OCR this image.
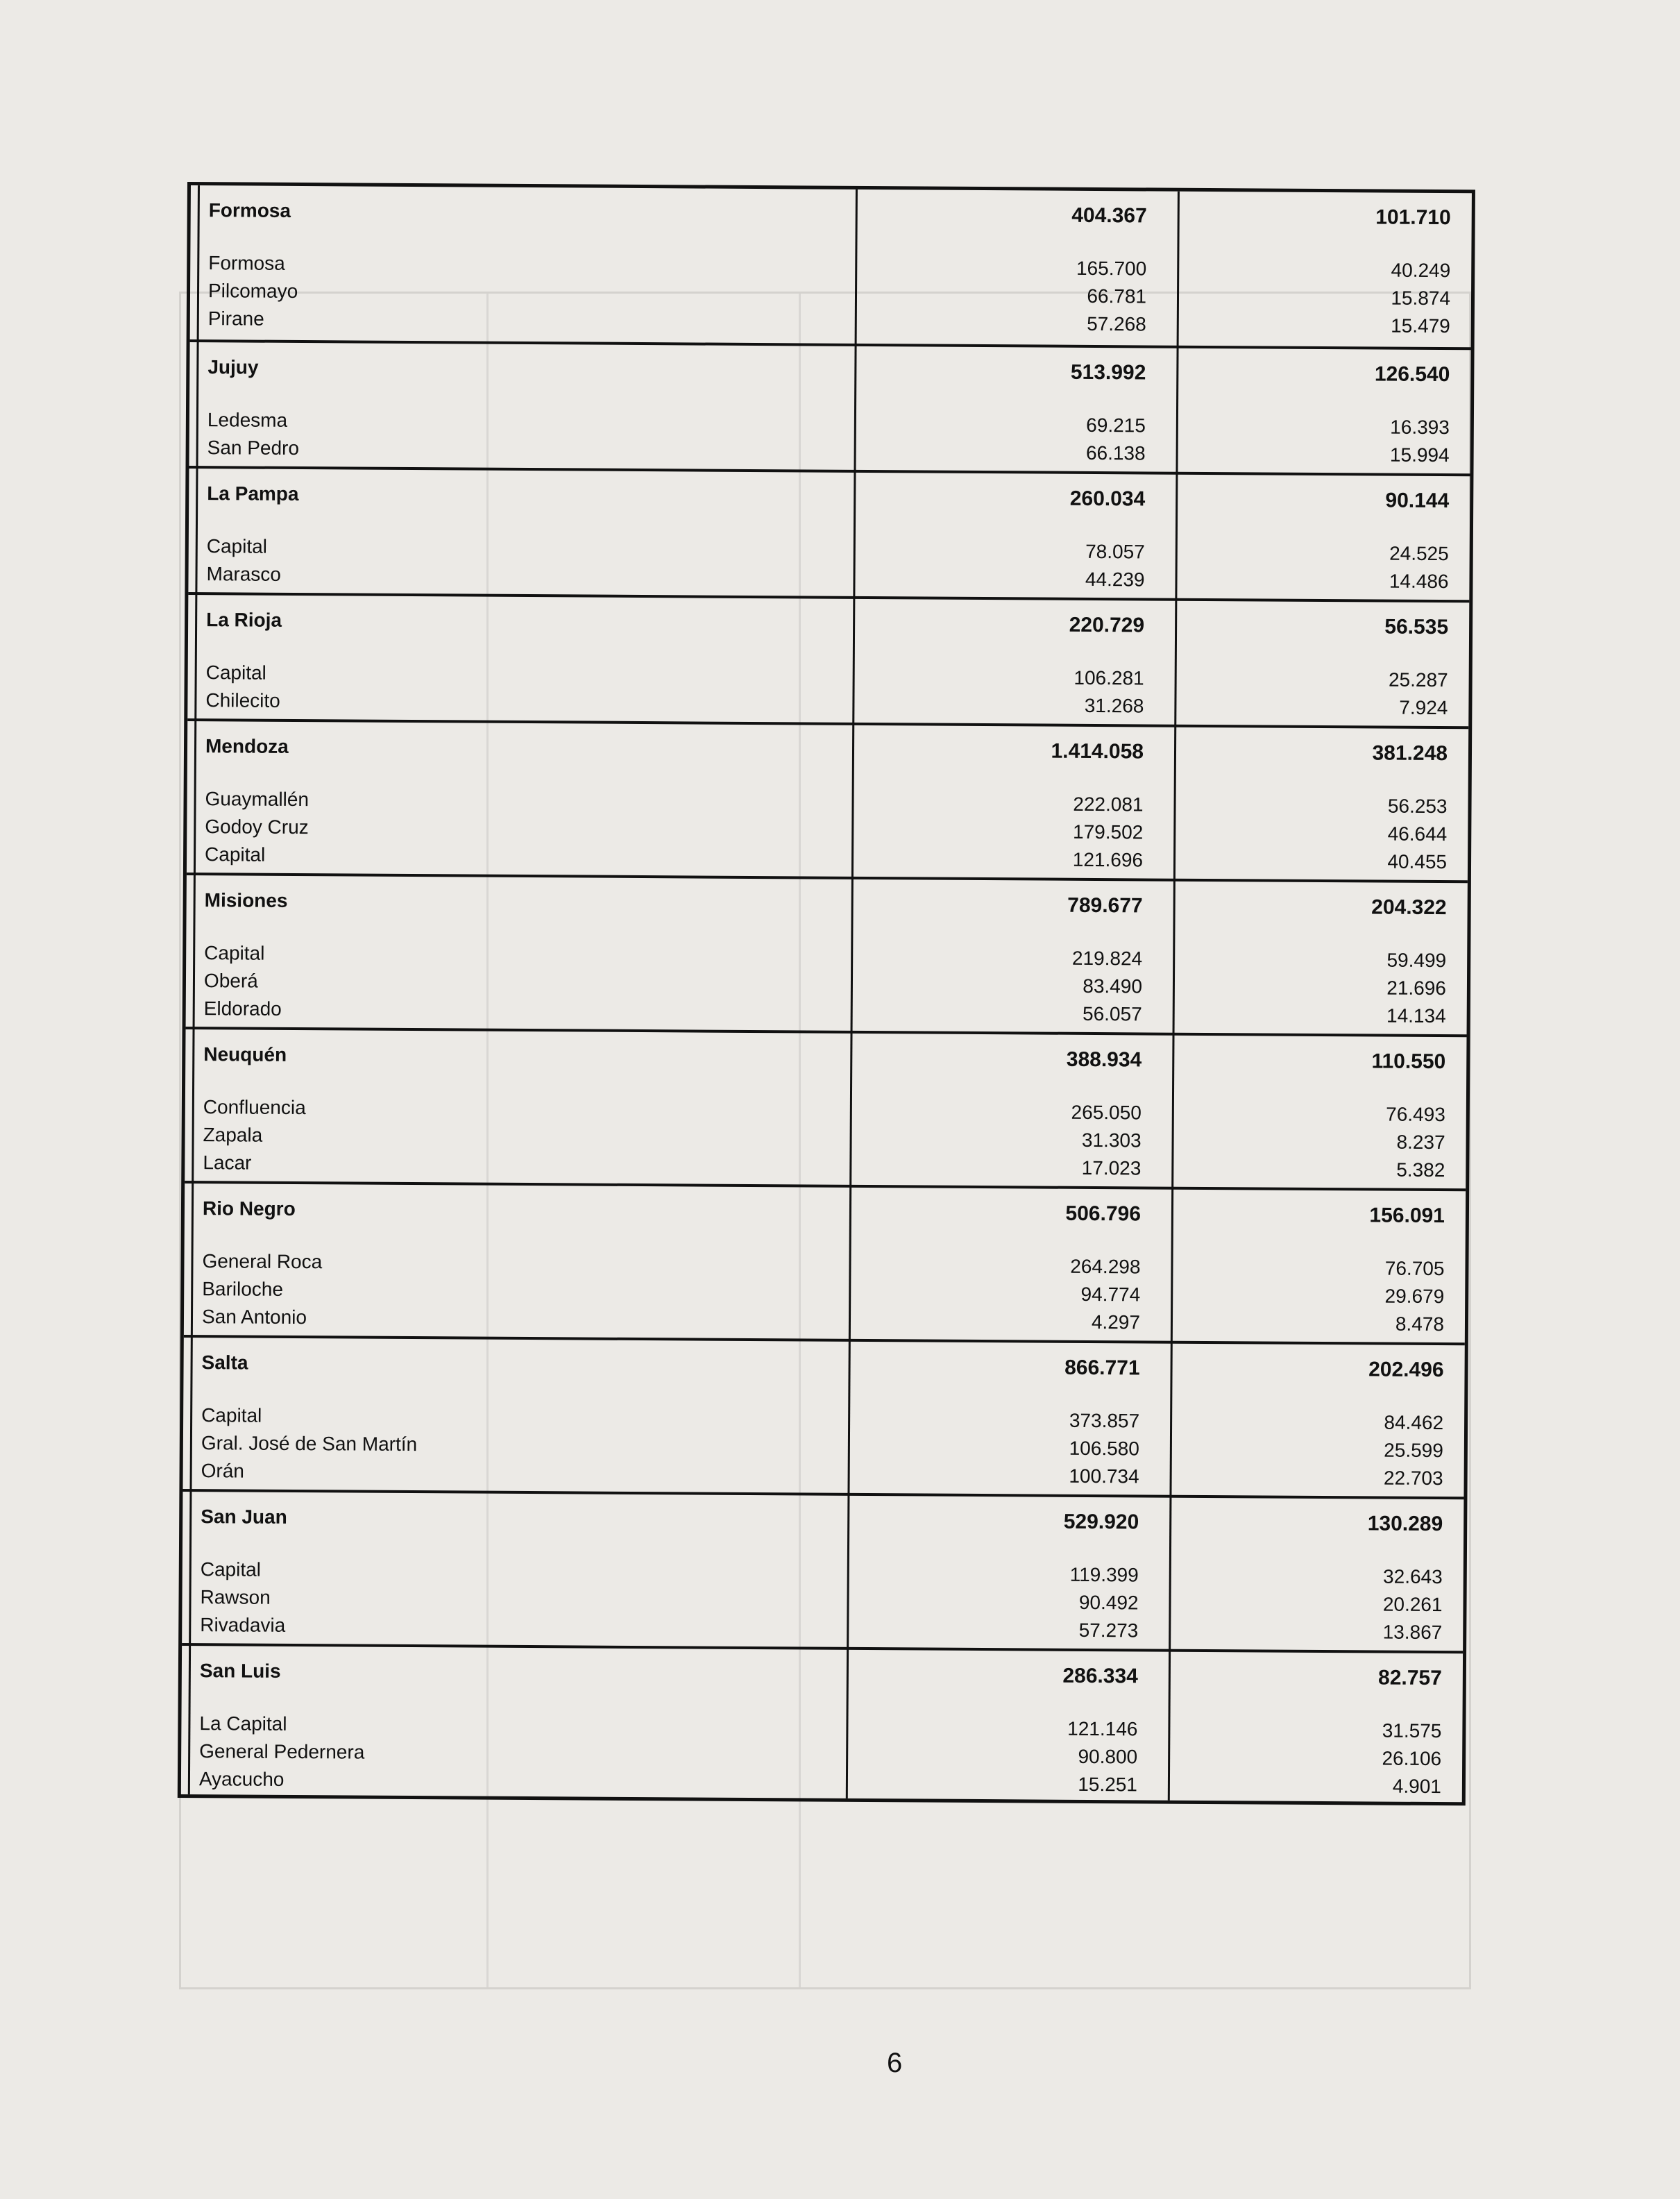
Formosa	404.367	101.710
Formosa	165.700	40.249
Pilcomayo	66.781	15.874
Pirane	57.268	15.479
Jujuy	513.992	126.540
Ledesma	69.215	16.393
San Pedro	66.138	15.994
La Pampa	260.034	90.144
Capital	78.057	24.525
Marasco	44.239	14.486
La Rioja	220.729	56.535
Capital	106.281	25.287
Chilecito	31.268	7.924
Mendoza	1.414.058	381.248
Guaymallén	222.081	56.253
Godoy Cruz	179.502	46.644
Capital	121.696	40.455
Misiones	789.677	204.322
Capital	219.824	59.499
Oberá	83.490	21.696
Eldorado	56.057	14.134
Neuquén	388.934	110.550
Confluencia	265.050	76.493
Zapala	31.303	8.237
Lacar	17.023	5.382
Rio Negro	506.796	156.091
General Roca	264.298	76.705
Bariloche	94.774	29.679
San Antonio	4.297	8.478
Salta	866.771	202.496
Capital	373.857	84.462
Gral. José de San Martín	106.580	25.599
Orán	100.734	22.703
San Juan	529.920	130.289
Capital	119.399	32.643
Rawson	90.492	20.261
Rivadavia	57.273	13.867
San Luis	286.334	82.757
La Capital	121.146	31.575
General Pedernera	90.800	26.106
Ayacucho	15.251	4.901
6
